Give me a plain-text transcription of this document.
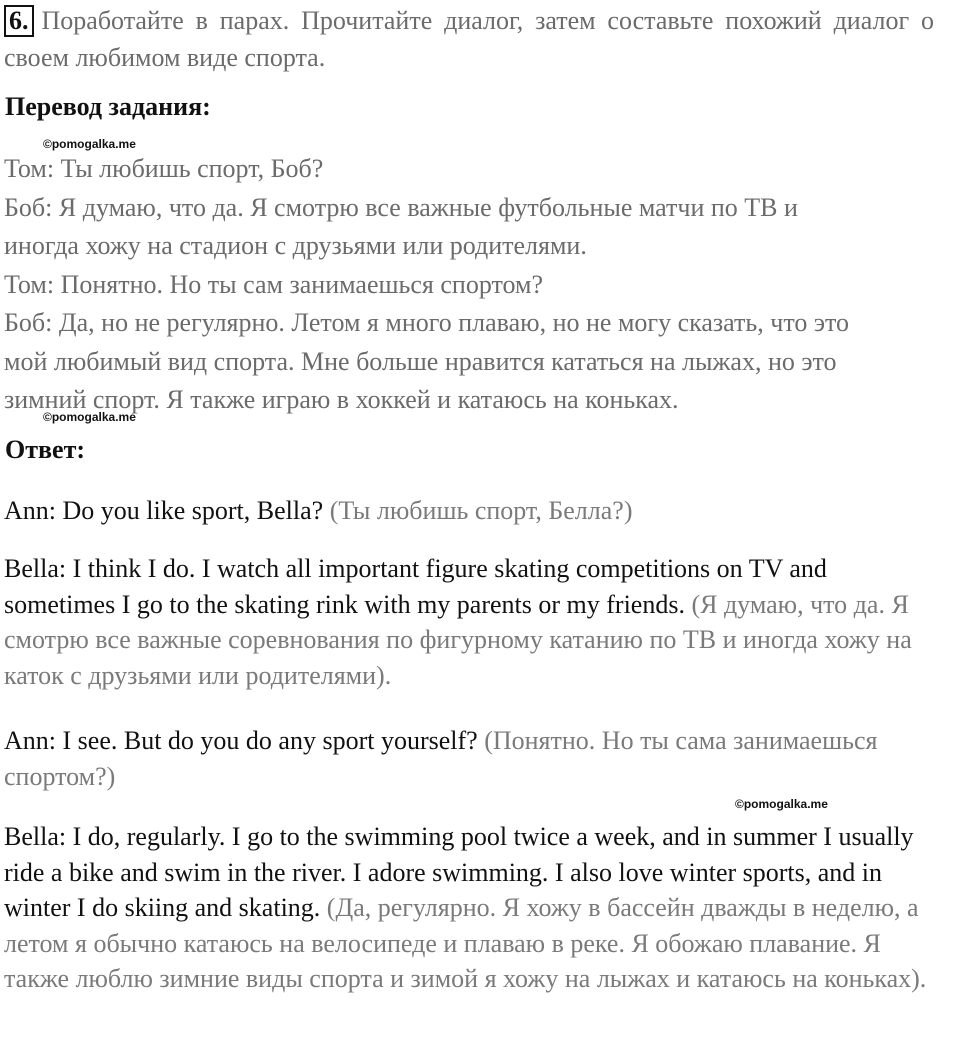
6. Поработайте в парах. Прочитайте диалог, затем составьте похожий диалог о своем любимом виде спорта.
Перевод задания:
©pomogalka.me

Том: Ты любишь спорт, Боб?

Боб: Я думаю, что да. Я смотрю все важные футбольные матчи по ТВ и

иногда хожу на стадион с друзьями или родителями.

Том: Понятно. Но ты сам занимаешься спортом?

Боб: Да, но не регулярно. Летом я много плаваю, но не могу сказать, что это

мой любимый вид спорта. Мне больше нравится кататься на лыжах, но это

зимний спорт. Я также играю в хоккей и катаюсь на коньках.

©pomogalka.me
Ответ:

Ann: Do you like sport, Bella? (Ты любишь спорт, Белла?)

Bella: I think I do. I watch all important figure skating competitions on TV and sometimes I go to the skating rink with my parents or my friends. (Я думаю, что да. Я смотрю все важные соревнования по фигурному катанию по ТВ и иногда хожу на каток с друзьями или родителями).

Ann: I see. But do you do any sport yourself? (Понятно. Но ты сама занимаешься спортом?)

©pomogalka.me

Bella: I do, regularly. I go to the swimming pool twice a week, and in summer I usually ride a bike and swim in the river. I adore swimming. I also love winter sports, and in winter I do skiing and skating. (Да, регулярно. Я хожу в бассейн дважды в неделю, а летом я обычно катаюсь на велосипеде и плаваю в реке. Я обожаю плавание. Я также люблю зимние виды спорта и зимой я хожу на лыжах и катаюсь на коньках).
